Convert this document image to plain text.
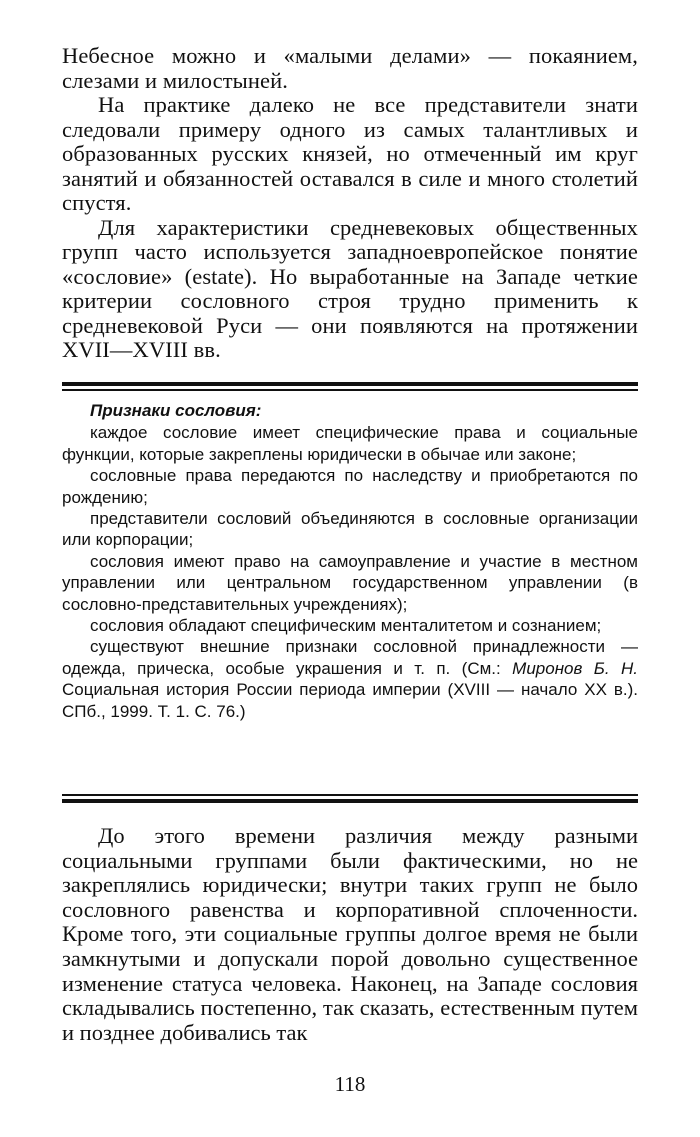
Небесное можно и «малыми делами» — покаянием, слезами и милостыней.

На практике далеко не все представители знати следовали примеру одного из самых талантливых и образованных русских князей, но отмеченный им круг занятий и обязанностей оставался в силе и много столетий спустя.

Для характеристики средневековых общественных групп часто используется западноевропейское понятие «сословие» (estate). Но выработанные на Западе четкие критерии сословного строя трудно применить к средневековой Руси — они появляются на протяжении XVII—XVIII вв.

Признаки сословия:
каждое сословие имеет специфические права и социальные функции, которые закреплены юридически в обычае или законе;
сословные права передаются по наследству и приобретаются по рождению;
представители сословий объединяются в сословные организации или корпорации;
сословия имеют право на самоуправление и участие в местном управлении или центральном государственном управлении (в сословно-представительных учреждениях);
сословия обладают специфическим менталитетом и сознанием;
существуют внешние признаки сословной принадлежности — одежда, прическа, особые украшения и т. п. (См.: Миронов Б. Н. Социальная история России периода империи (XVIII — начало XX в.). СПб., 1999. Т. 1. С. 76.)

До этого времени различия между разными социальными группами были фактическими, но не закреплялись юридически; внутри таких групп не было сословного равенства и корпоративной сплоченности. Кроме того, эти социальные группы долгое время не были замкнутыми и допускали порой довольно существенное изменение статуса человека. Наконец, на Западе сословия складывались постепенно, так сказать, естественным путем и позднее добивались так

118
